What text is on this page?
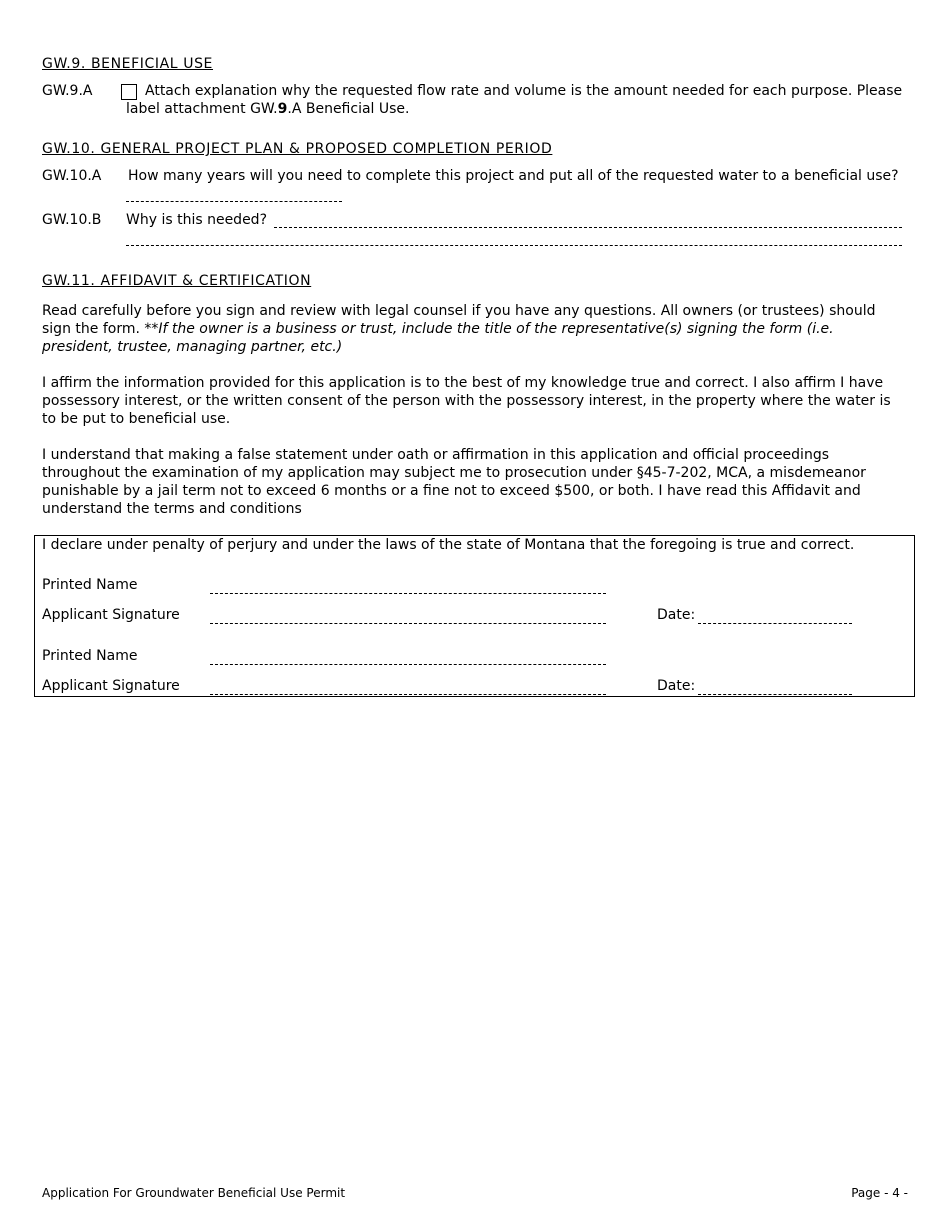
GW.9. BENEFICIAL USE
GW.9.A	Attach explanation why the requested flow rate and volume is the amount needed for each purpose. Please
label attachment GW.9.A Beneficial Use.
GW.10. GENERAL PROJECT PLAN & PROPOSED COMPLETION PERIOD
GW.10.A How many years will you need to complete this project and put all of the requested water to a beneficial use?
GW.10.B Why is this needed?
GW.11. AFFIDAVIT & CERTIFICATION
Read carefully before you sign and review with legal counsel if you have any questions. All owners (or trustees) should sign the form. **If the owner is a business or trust, include the title of the representative(s) signing the form (i.e. president, trustee, managing partner, etc.)
I affirm the information provided for this application is to the best of my knowledge true and correct. I also affirm I have possessory interest, or the written consent of the person with the possessory interest, in the property where the water is to be put to beneficial use.
I understand that making a false statement under oath or affirmation in this application and official proceedings throughout the examination of my application may subject me to prosecution under §45-7-202, MCA, a misdemeanor punishable by a jail term not to exceed 6 months or a fine not to exceed $500, or both. I have read this Affidavit and understand the terms and conditions
I declare under penalty of perjury and under the laws of the state of Montana that the foregoing is true and correct.
Printed Name
Applicant Signature	Date:
Printed Name
Applicant Signature	Date:
Application For Groundwater Beneficial Use Permit	Page - 4 -
